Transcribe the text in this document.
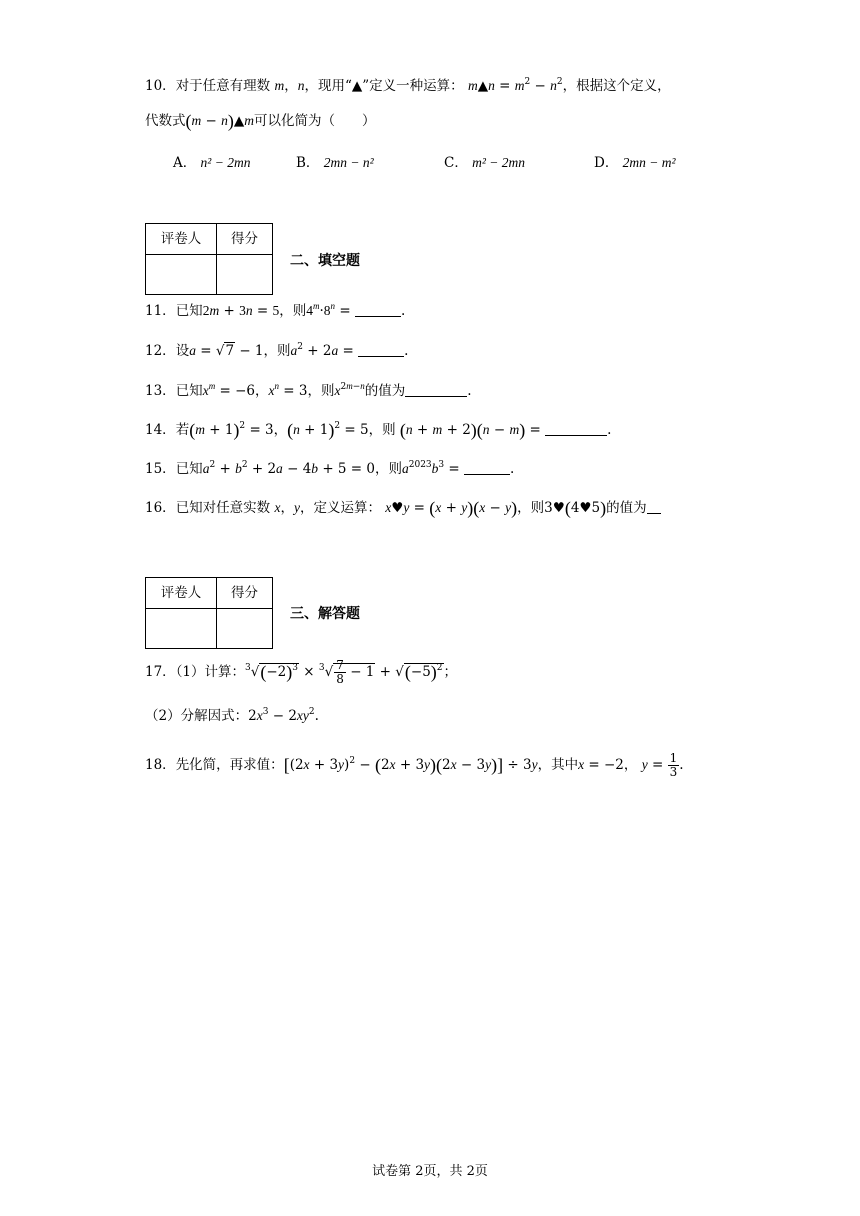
10．对于任意有理数 m，n，现用“▲”定义一种运算： m▲n = $m^2 - n^2$，根据这个定义，
代数式(m − n)▲m可以化简为（　　）
A． n² − 2mn	B． 2mn − n²	C． m² − 2mn	D． 2mn − m²
评卷人	得分
二、填空题
11．已知2m + 3n = 5，则$4^m\cdot 8^n$ =	.
12．设a = √7 − 1，则$a^2 + 2a$ =	.
13．已知$x^m = -6$，$x^n = 3$，则$x^{2m-n}$的值为	.
14．若$(m + 1)^2 = 3$，$(n + 1)^2 = 5$，则 (n + m + 2)(n − m) =	.
15．已知$a^2 + b^2 + 2a - 4b + 5 = 0$，则$a^{2023}b^3$ =	.
16．已知对任意实数 x，y，定义运算： x♥y = (x + y)(x − y)，则3♥(4♥5)的值为
评卷人	得分
三、解答题
17．（1）计算：$^3√(-2)^3 \times ^3√ \frac{7}{8} - 1 + √(-5)^2$；
（2）分解因式：$2x^3 - 2xy^2$.
18．先化简，再求值：$[(2x + 3y)^2 - (2x + 3y)(2x - 3y)] \div 3y$，其中x = −2， $y = \frac{1}{3}$ .
试卷第 2页，共 2页
